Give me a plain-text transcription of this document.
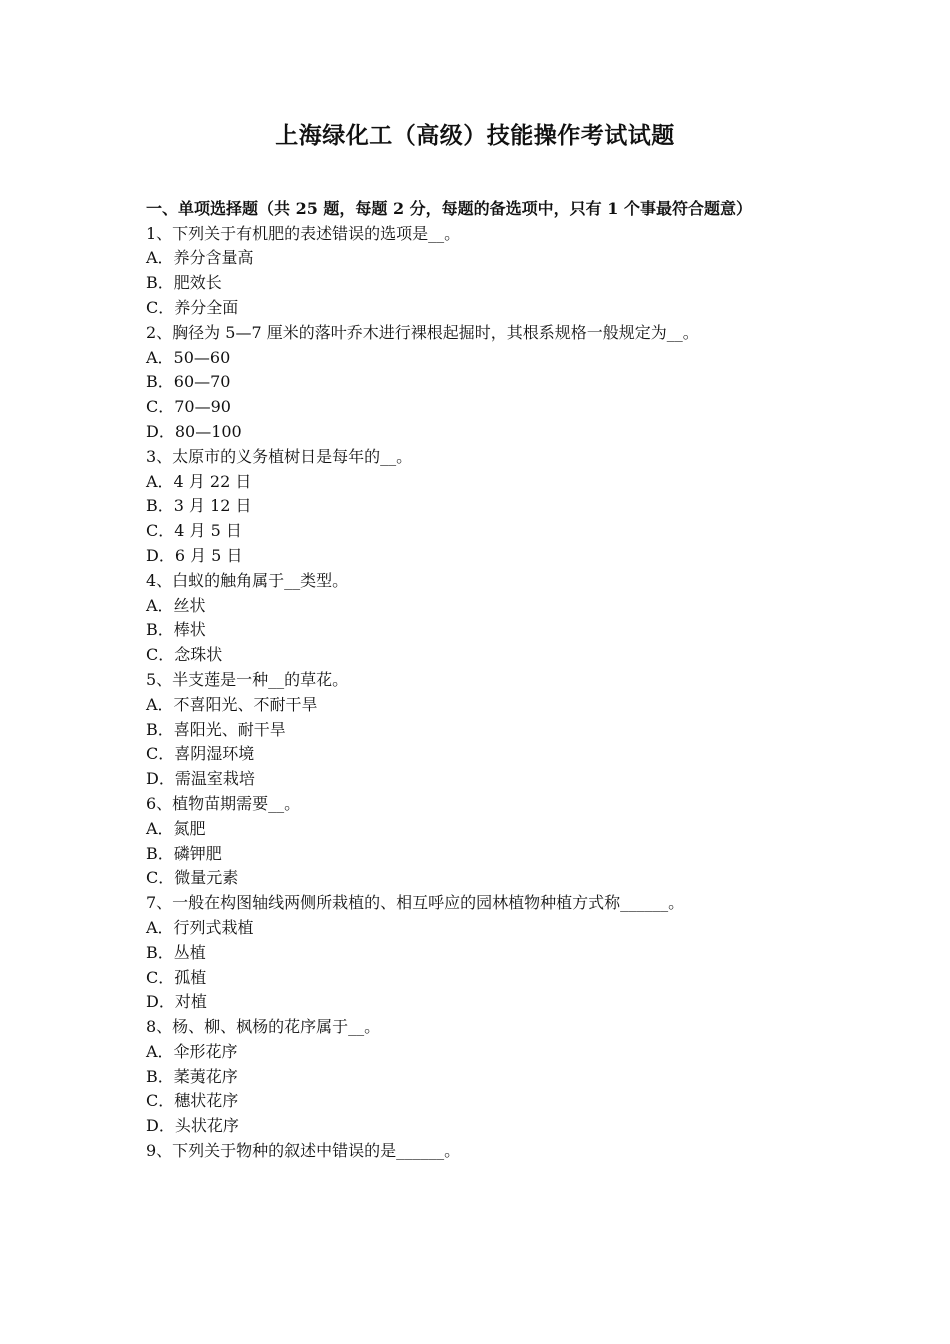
上海绿化工（高级）技能操作考试试题
一、单项选择题（共 25 题，每题 2 分，每题的备选项中，只有 1 个事最符合题意）
1、下列关于有机肥的表述错误的选项是__。
A．养分含量高
B．肥效长
C．养分全面
2、胸径为 5—7 厘米的落叶乔木进行裸根起掘时，其根系规格一般规定为__。
A．50—60
B．60—70
C．70—90
D．80—100
3、太原市的义务植树日是每年的__。
A．4 月 22 日
B．3 月 12 日
C．4 月 5 日
D．6 月 5 日
4、白蚁的触角属于__类型。
A．丝状
B．棒状
C．念珠状
5、半支莲是一种__的草花。
A．不喜阳光、不耐干旱
B．喜阳光、耐干旱
C．喜阴湿环境
D．需温室栽培
6、植物苗期需要__。
A．氮肥
B．磷钾肥
C．微量元素
7、一般在构图轴线两侧所栽植的、相互呼应的园林植物种植方式称______。
A．行列式栽植
B．丛植
C．孤植
D．对植
8、杨、柳、枫杨的花序属于__。
A．伞形花序
B．葇荑花序
C．穗状花序
D．头状花序
9、下列关于物种的叙述中错误的是______。
